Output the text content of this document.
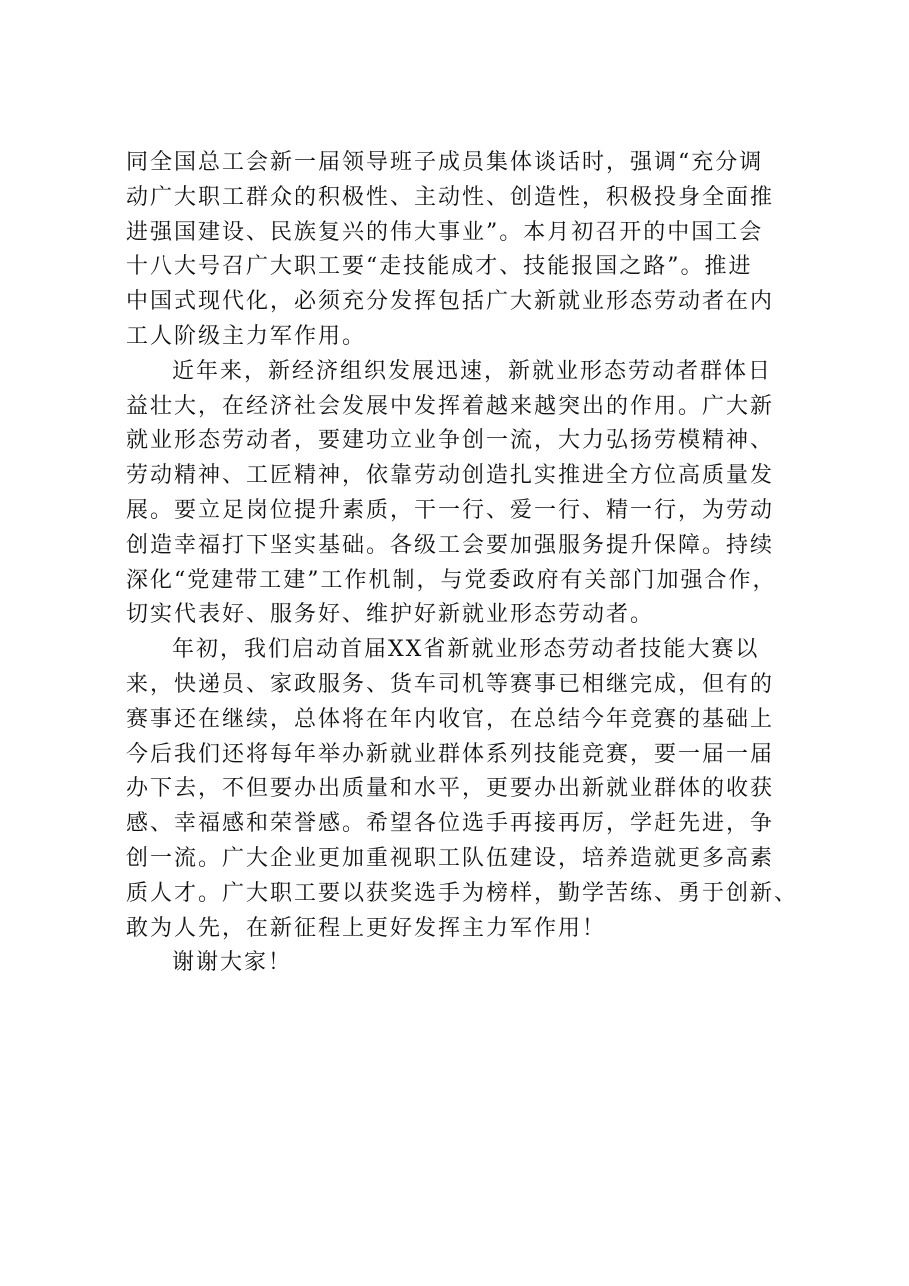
同全国总工会新一届领导班子成员集体谈话时，强调“充分调
动广大职工群众的积极性、主动性、创造性，积极投身全面推
进强国建设、民族复兴的伟大事业”。本月初召开的中国工会
十八大号召广大职工要“走技能成才、技能报国之路”。推进
中国式现代化，必须充分发挥包括广大新就业形态劳动者在内
工人阶级主力军作用。
近年来，新经济组织发展迅速，新就业形态劳动者群体日
益壮大，在经济社会发展中发挥着越来越突出的作用。广大新
就业形态劳动者，要建功立业争创一流，大力弘扬劳模精神、
劳动精神、工匠精神，依靠劳动创造扎实推进全方位高质量发
展。要立足岗位提升素质，干一行、爱一行、精一行，为劳动
创造幸福打下坚实基础。各级工会要加强服务提升保障。持续
深化“党建带工建”工作机制，与党委政府有关部门加强合作，
切实代表好、服务好、维护好新就业形态劳动者。
年初，我们启动首届XX省新就业形态劳动者技能大赛以
来，快递员、家政服务、货车司机等赛事已相继完成，但有的
赛事还在继续，总体将在年内收官，在总结今年竞赛的基础上
今后我们还将每年举办新就业群体系列技能竞赛，要一届一届
办下去，不但要办出质量和水平，更要办出新就业群体的收获
感、幸福感和荣誉感。希望各位选手再接再厉，学赶先进，争
创一流。广大企业更加重视职工队伍建设，培养造就更多高素
质人才。广大职工要以获奖选手为榜样，勤学苦练、勇于创新、
敢为人先，在新征程上更好发挥主力军作用！
谢谢大家！
